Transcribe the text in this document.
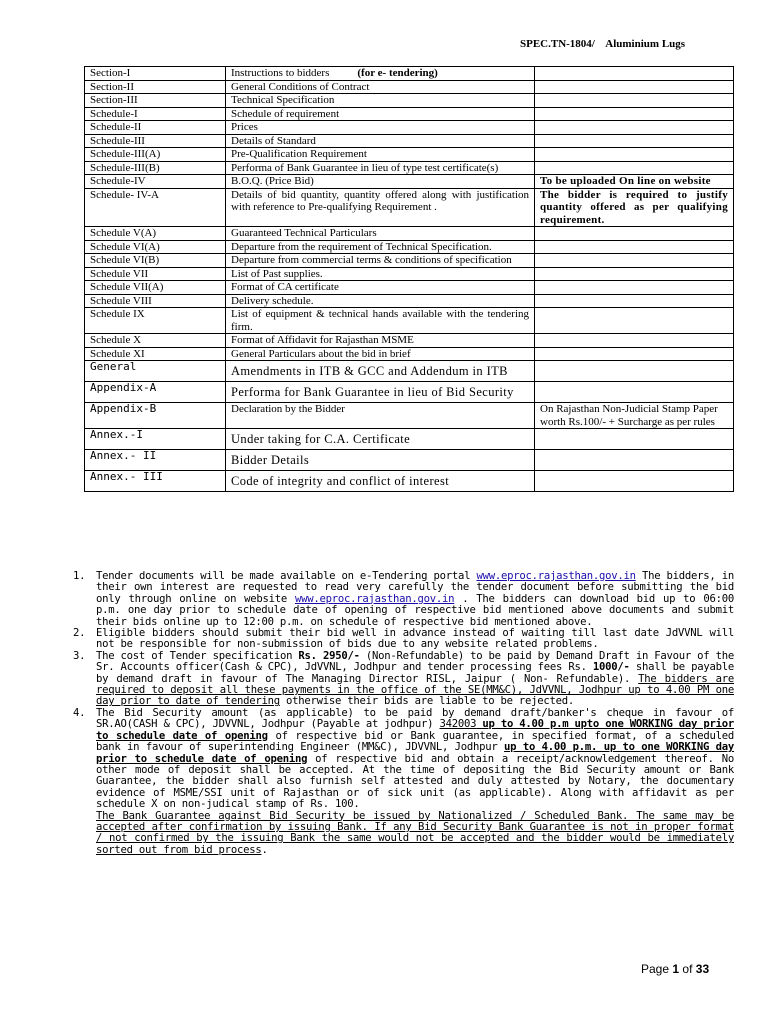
SPEC.TN-1804/ Aluminium Lugs
Section-I	Instructions to bidders (for e- tendering)	
Section-II	General Conditions of Contract	
Section-III	Technical Specification	
Schedule-I	Schedule of requirement	
Schedule-II	Prices	
Schedule-III	Details of Standard	
Schedule-III(A)	Pre-Qualification Requirement	
Schedule-III(B)	Performa of Bank Guarantee in lieu of type test certificate(s)	
Schedule-IV	B.O.Q. (Price Bid)	To be uploaded On line on website

Schedule- IV-A	Details of bid quantity, quantity offered along with justification with reference to Pre-qualifying Requirement .	The bidder is required to justify quantity offered as per qualifying requirement.

Schedule V(A)	Guaranteed Technical Particulars	
Schedule VI(A)	Departure from the requirement of Technical Specification.	
Schedule VI(B)	Departure from commercial terms & conditions of specification	
Schedule VII	List of Past supplies.	
Schedule VII(A)	Format of CA certificate	
Schedule VIII	Delivery schedule.	
Schedule IX	List of equipment & technical hands available with the tendering firm.	
Schedule X	Format of Affidavit for Rajasthan MSME	
Schedule XI	General Particulars about the bid in brief	
General	Amendments in ITB & GCC and Addendum in ITB	
Appendix-A	Performa for Bank Guarantee in lieu of Bid Security	
Appendix-B	Declaration by the Bidder	On Rajasthan Non-Judicial Stamp Paper worth Rs.100/- + Surcharge as per rules
Annex.-I	Under taking for C.A. Certificate	
Annex.- II	Bidder Details	
Annex.- III	Code of integrity and conflict of interest	
1. Tender documents will be made available on e-Tendering portal www.eproc.rajasthan.gov.in The bidders, in their own interest are requested to read very carefully the tender document before submitting the bid only through online on website www.eproc.rajasthan.gov.in . The bidders can download bid up to 06:00 p.m. one day prior to schedule date of opening of respective bid mentioned above documents and submit their bids online up to 12:00 p.m. on schedule of respective bid mentioned above.
2. Eligible bidders should submit their bid well in advance instead of waiting till last date JdVVNL will not be responsible for non-submission of bids due to any website related problems.
3. The cost of Tender specification Rs. 2950/- (Non-Refundable) to be paid by Demand Draft in Favour of the Sr. Accounts officer(Cash & CPC), JdVVNL, Jodhpur and tender processing fees Rs. 1000/- shall be payable by demand draft in favour of The Managing Director RISL, Jaipur ( Non- Refundable). The bidders are required to deposit all these payments in the office of the SE(MM&C), JdVVNL, Jodhpur up to 4.00 PM one day prior to date of tendering otherwise their bids are liable to be rejected.
4. The Bid Security amount (as applicable) to be paid by demand draft/banker's cheque in favour of SR.AO(CASH & CPC), JDVVNL, Jodhpur (Payable at jodhpur) 342003 up to 4.00 p.m upto one WORKING day prior to schedule date of opening of respective bid or Bank guarantee, in specified format, of a scheduled bank in favour of superintending Engineer (MM&C), JDVVNL, Jodhpur up to 4.00 p.m. up to one WORKING day prior to schedule date of opening of respective bid and obtain a receipt/acknowledgement thereof. No other mode of deposit shall be accepted. At the time of depositing the Bid Security amount or Bank Guarantee, the bidder shall also furnish self attested and duly attested by Notary, the documentary evidence of MSME/SSI unit of Rajasthan or of sick unit (as applicable). Along with affidavit as per schedule X on non-judical stamp of Rs. 100.
The Bank Guarantee against Bid Security be issued by Nationalized / Scheduled Bank. The same may be accepted after confirmation by issuing Bank. If any Bid Security Bank Guarantee is not in proper format / not confirmed by the issuing Bank the same would not be accepted and the bidder would be immediately sorted out from bid process.
Page 1 of 33
